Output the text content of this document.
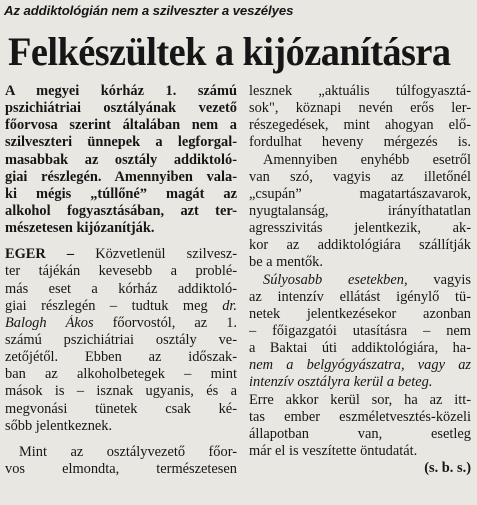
Az addiktológián nem a szilveszter a veszélyes
Felkészültek a kijózanításra
A megyei kórház 1. számú
pszichiátriai osztályának vezető
főorvosa szerint általában nem a
szilveszteri ünnepek a legforgal-
masabbak az osztály addiktoló-
giai részlegén. Amennyiben vala-
ki mégis „túllőné” magát az
alkohol fogyasztásában, azt ter-
mészetesen kijózanítják.
EGER – Közvetlenül szilvesz-
ter tájékán kevesebb a problé-
más eset a kórház addiktoló-
giai részlegén – tudtuk meg dr.
Balogh Ákos főorvostól, az 1.
számú pszichiátriai osztály ve-
zetőjétől. Ebben az időszak-
ban az alkoholbetegek – mint
mások is – isznak ugyanis, és a
megvonási tünetek csak ké-
sőbb jelentkeznek.
Mint az osztályvezető főor-
vos elmondta, természetesen
lesznek „aktuális túlfogyasztá-
sok", köznapi nevén erős ler-
részegedések, mint ahogyan elő-
fordulhat heveny mérgezés is.
Amennyiben enyhébb esetről
van szó, vagyis az illetőnél
„csupán” magatartászavarok,
nyugtalanság, irányíthatatlan
agresszivitás jelentkezik, ak-
kor az addiktológiára szállítják
be a mentők.
Súlyosabb esetekben, vagyis
az intenzív ellátást igénylő tü-
netek jelentkezésekor azonban
– főigazgatói utasításra – nem
a Baktai úti addiktológiára, ha-
nem a belgyógyászatra, vagy az
intenzív osztályra kerül a beteg.
Erre akkor kerül sor, ha az itt-
tas ember eszméletvesztés-közeli
állapotban van, esetleg
már el is veszítette öntudatát.
(s. b. s.)
